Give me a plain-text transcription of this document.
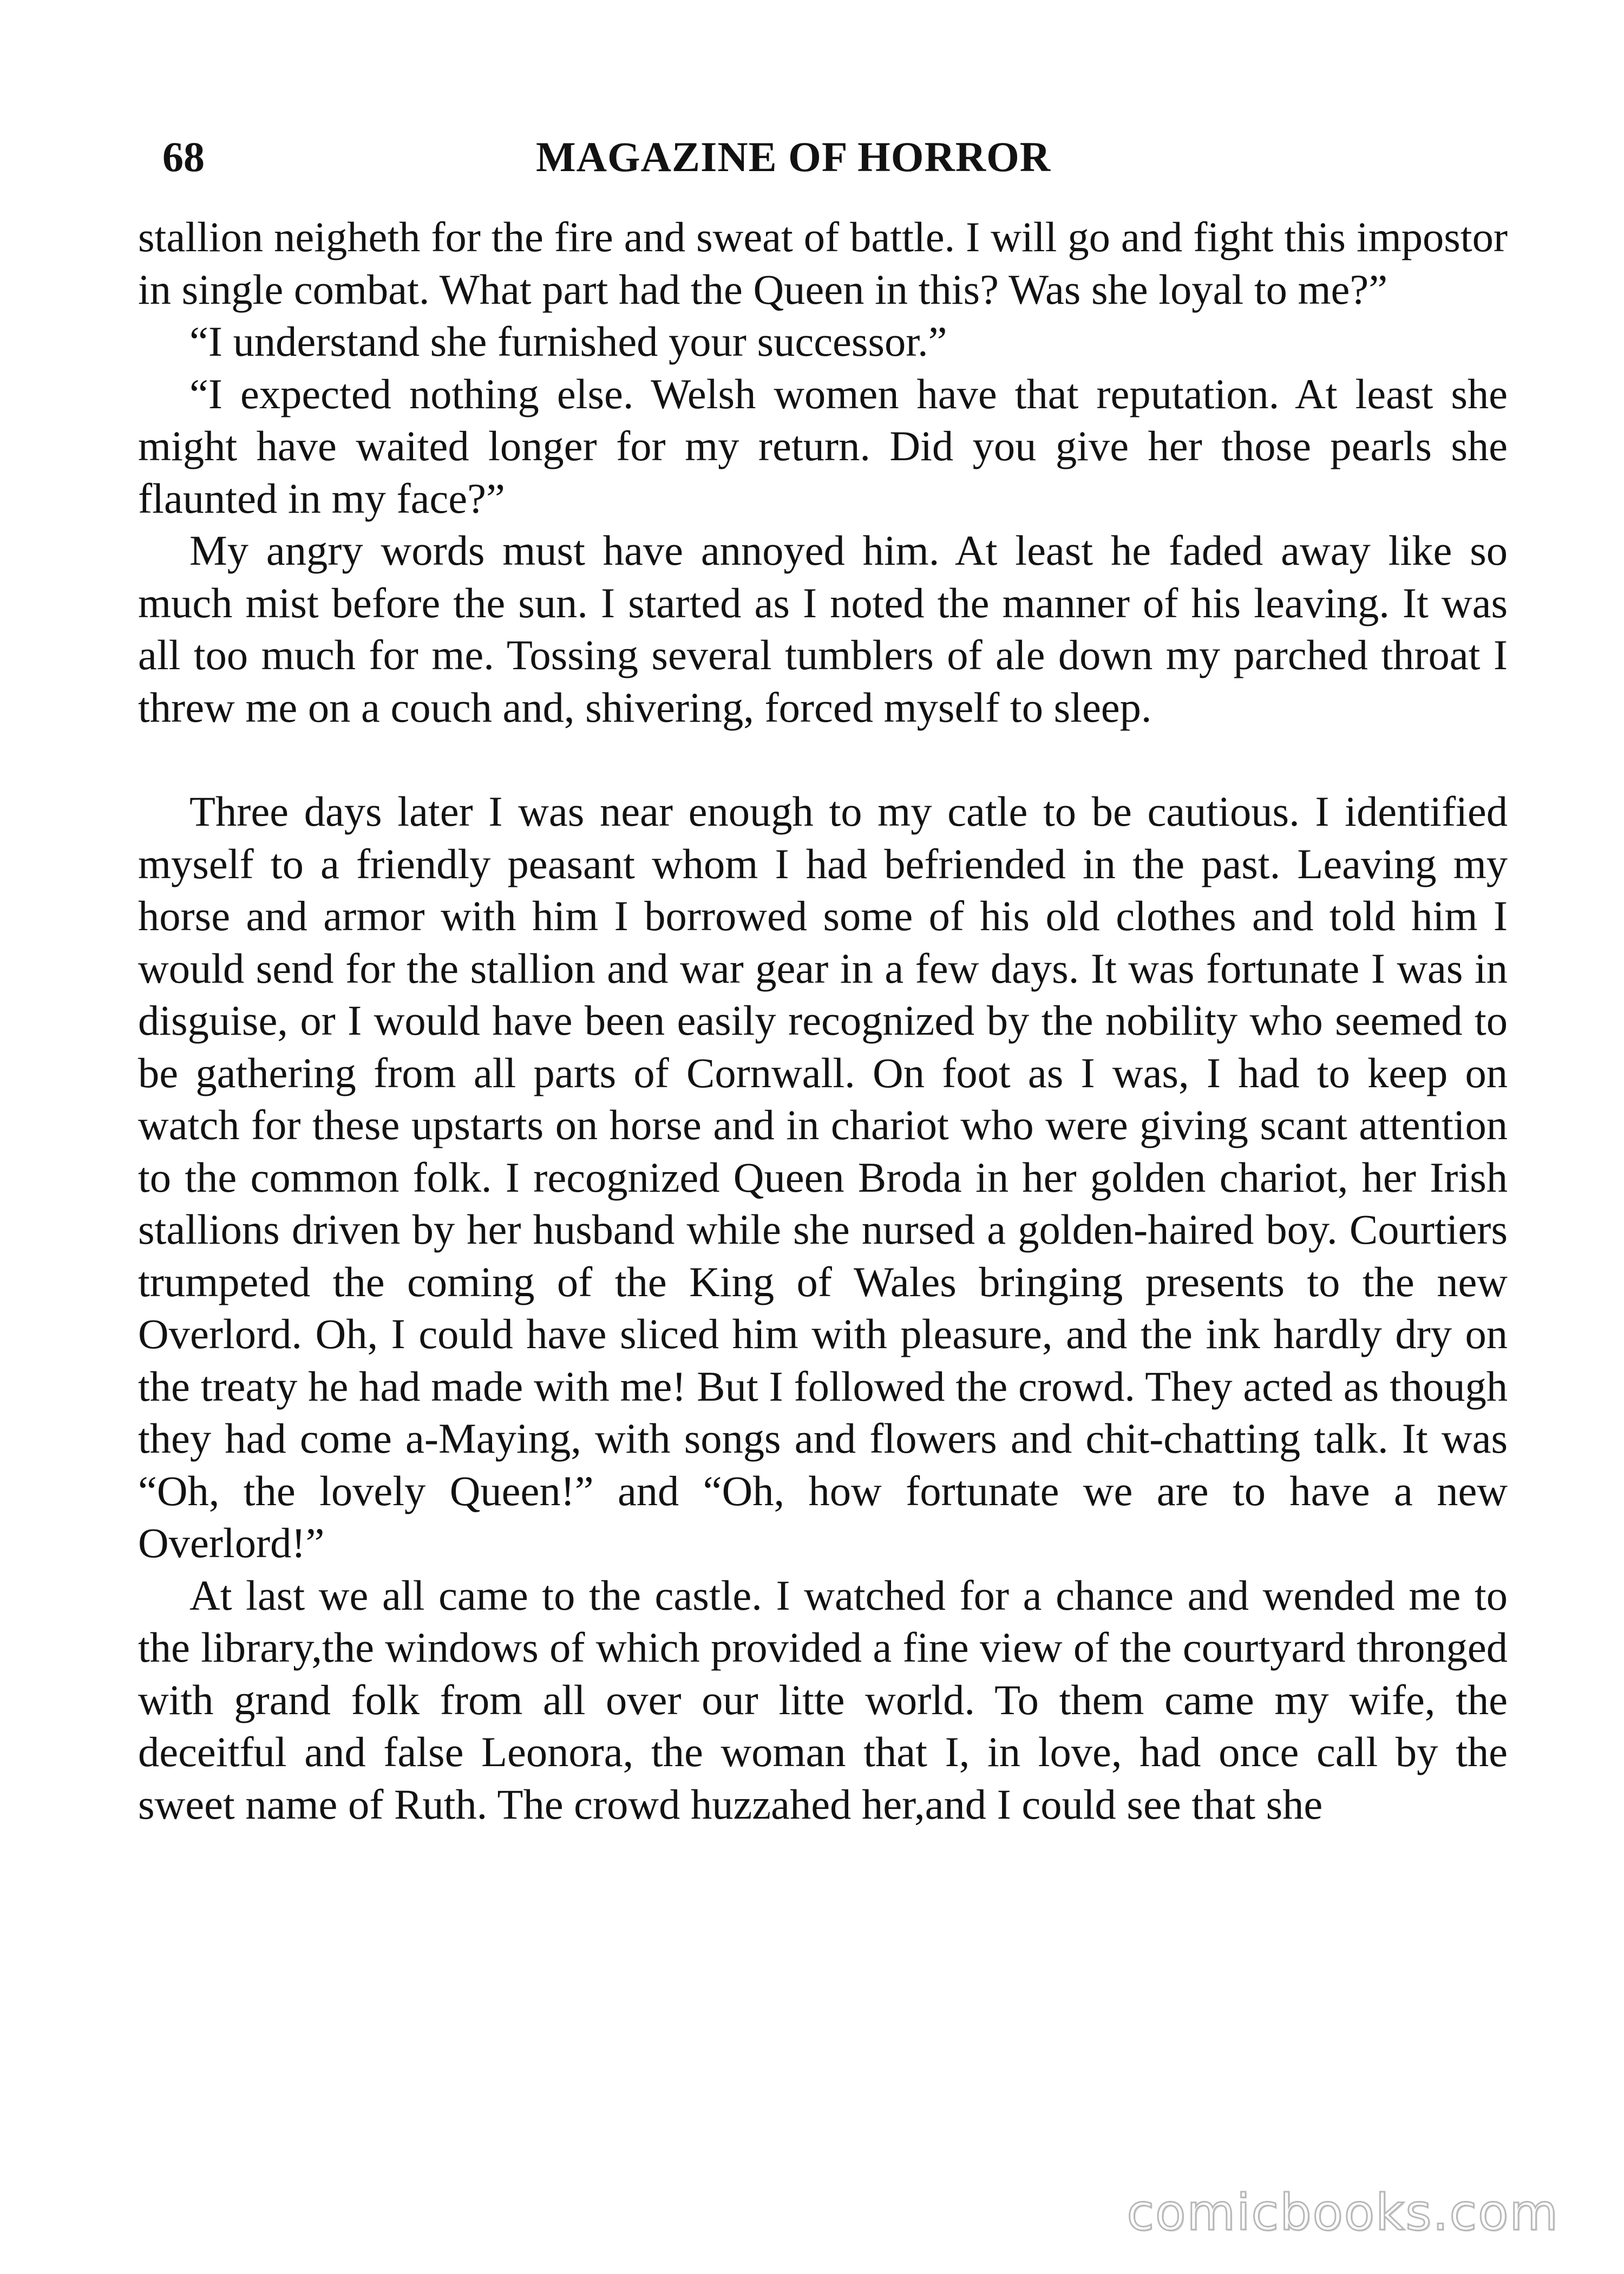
68	MAGAZINE OF HORROR

stallion neigheth for the fire and sweat of battle. I will go and fight this impostor in single combat. What part had the Queen in this? Was she loyal to me?”

“I understand she furnished your successor.”

“I expected nothing else. Welsh women have that reputation. At least she might have waited longer for my return. Did you give her those pearls she flaunted in my face?”

My angry words must have annoyed him. At least he faded away like so much mist before the sun. I started as I noted the manner of his leaving. It was all too much for me. Tossing several tumblers of ale down my parched throat I threw me on a couch and, shivering, forced myself to sleep.

Three days later I was near enough to my catle to be cautious. I identified myself to a friendly peasant whom I had befriended in the past. Leaving my horse and armor with him I borrowed some of his old clothes and told him I would send for the stallion and war gear in a few days. It was fortunate I was in disguise, or I would have been easily recognized by the nobility who seemed to be gathering from all parts of Cornwall. On foot as I was, I had to keep on watch for these upstarts on horse and in chariot who were giving scant attention to the common folk. I recognized Queen Broda in her golden chariot, her Irish stallions driven by her husband while she nursed a golden-haired boy. Courtiers trumpeted the coming of the King of Wales bringing presents to the new Overlord. Oh, I could have sliced him with pleasure, and the ink hardly dry on the treaty he had made with me! But I followed the crowd. They acted as though they had come a-Maying, with songs and flowers and chit-chatting talk. It was “Oh, the lovely Queen!” and “Oh, how fortunate we are to have a new Overlord!”

At last we all came to the castle. I watched for a chance and wended me to the library,the windows of which provided a fine view of the courtyard thronged with grand folk from all over our litte world. To them came my wife, the deceitful and false Leonora, the woman that I, in love, had once call by the sweet name of Ruth. The crowd huzzahed her,and I could see that she

comicbooks.com
